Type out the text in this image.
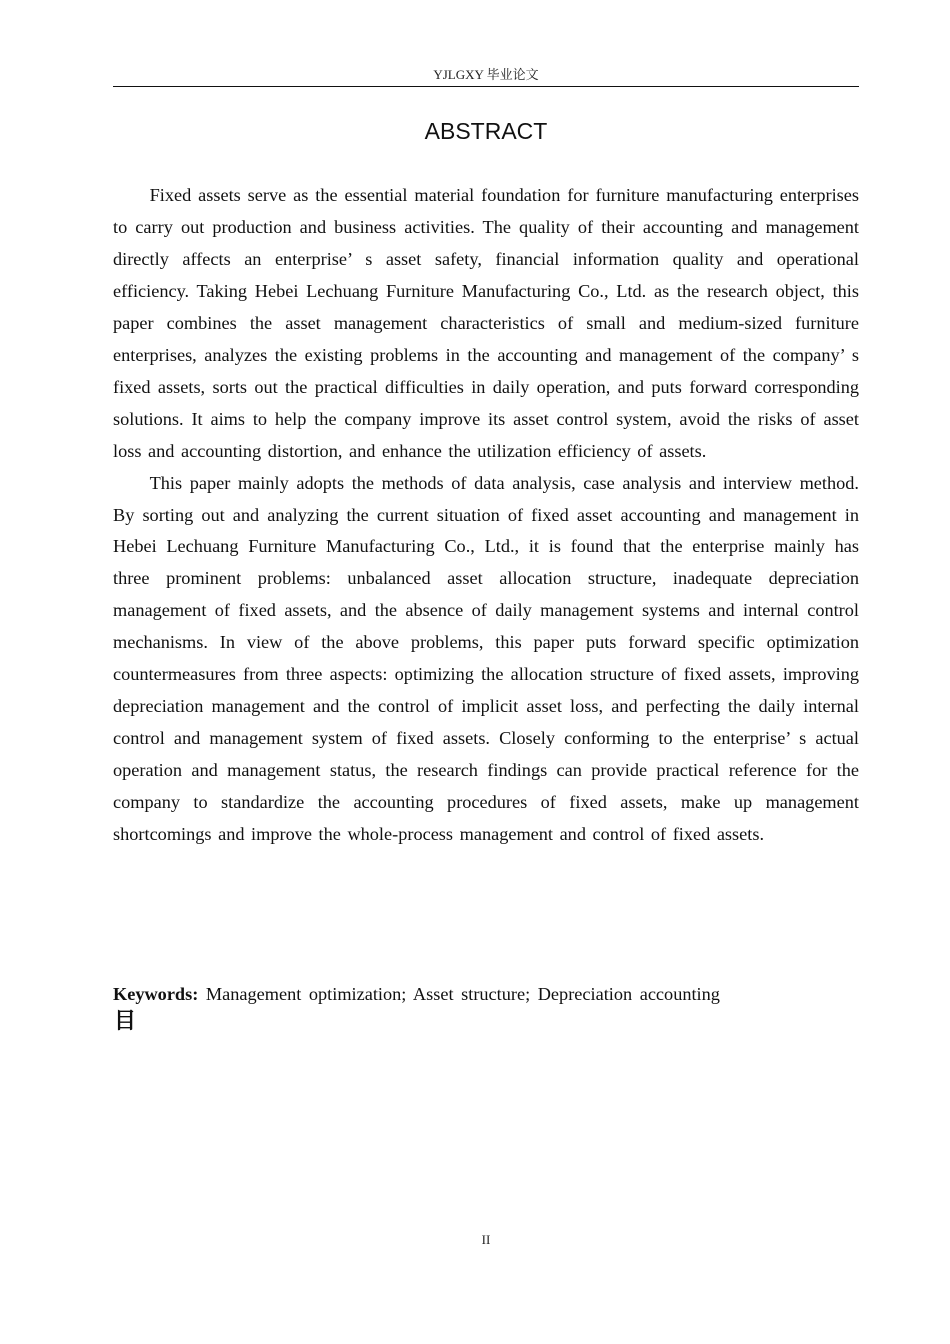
YJLGXY 毕业论文
ABSTRACT

Fixed assets serve as the essential material foundation for furniture manufacturing enterprises to carry out production and business activities. The quality of their accounting and management directly affects an enterprise’ s asset safety, financial information quality and operational efficiency. Taking Hebei Lechuang Furniture Manufacturing Co., Ltd. as the research object, this paper combines the asset management characteristics of small and medium-sized furniture enterprises, analyzes the existing problems in the accounting and management of the company’ s fixed assets, sorts out the practical difficulties in daily operation, and puts forward corresponding solutions. It aims to help the company improve its asset control system, avoid the risks of asset loss and accounting distortion, and enhance the utilization efficiency of assets.

This paper mainly adopts the methods of data analysis, case analysis and interview method. By sorting out and analyzing the current situation of fixed asset accounting and management in Hebei Lechuang Furniture Manufacturing Co., Ltd., it is found that the enterprise mainly has three prominent problems: unbalanced asset allocation structure, inadequate depreciation management of fixed assets, and the absence of daily management systems and internal control mechanisms. In view of the above problems, this paper puts forward specific optimization countermeasures from three aspects: optimizing the allocation structure of fixed assets, improving depreciation management and the control of implicit asset loss, and perfecting the daily internal control and management system of fixed assets. Closely conforming to the enterprise’ s actual operation and management status, the research findings can provide practical reference for the company to standardize the accounting procedures of fixed assets, make up management shortcomings and improve the whole-process management and control of fixed assets.

Keywords: Management optimization; Asset structure; Depreciation accounting
目
II
